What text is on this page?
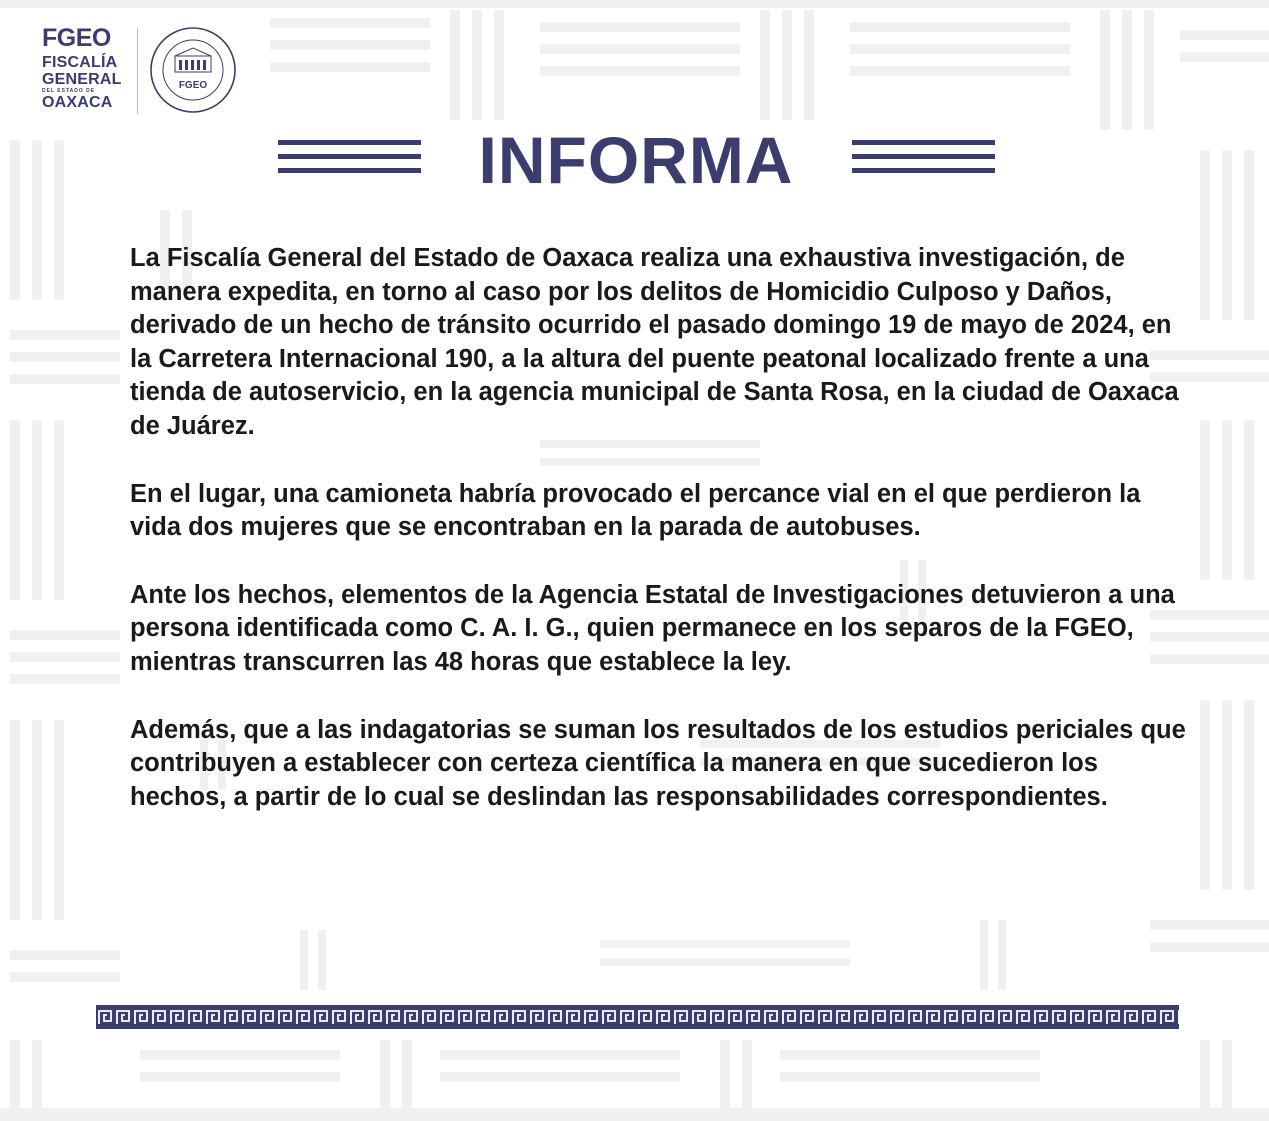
FGEO
FISCALÍA
GENERAL
DEL ESTADO DE
OAXACA
FGEO
INFORMA

La Fiscalía General del Estado de Oaxaca realiza una exhaustiva investigación, de manera expedita, en torno al caso por los delitos de Homicidio Culposo y Daños, derivado de un hecho de tránsito ocurrido el pasado domingo 19 de mayo de 2024, en la Carretera Internacional 190, a la altura del puente peatonal localizado frente a una tienda de autoservicio, en la agencia municipal de Santa Rosa, en la ciudad de Oaxaca de Juárez.

En el lugar, una camioneta habría provocado el percance vial en el que perdieron la vida dos mujeres que se encontraban en la parada de autobuses.

Ante los hechos, elementos de la Agencia Estatal de Investigaciones detuvieron a una persona identificada como C. A. I. G., quien permanece en los separos de la FGEO, mientras transcurren las 48 horas que establece la ley.

Además, que a las indagatorias se suman los resultados de los estudios periciales que contribuyen a establecer con certeza científica la manera en que sucedieron los hechos, a partir de lo cual se deslindan las responsabilidades correspondientes.
